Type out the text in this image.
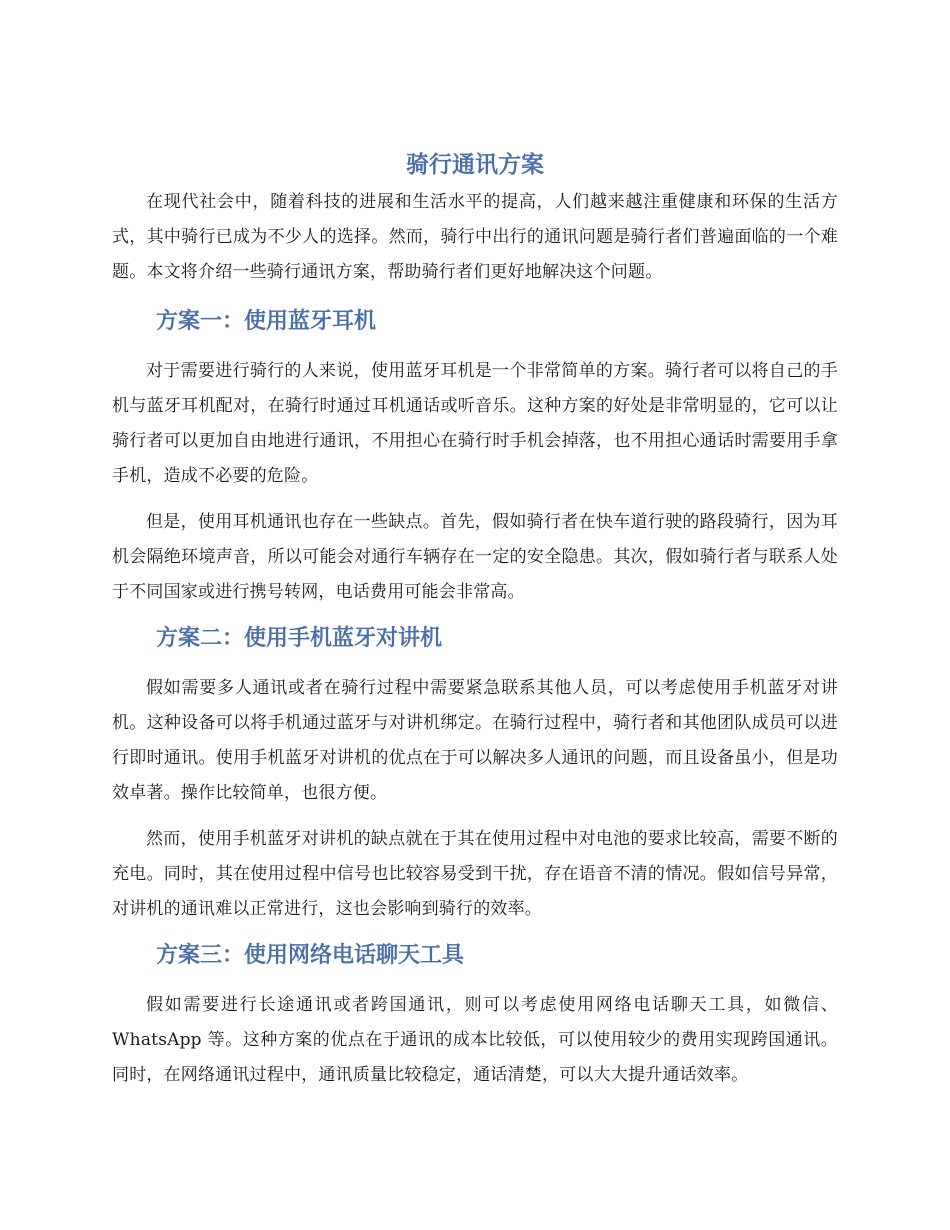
骑行通讯方案

在现代社会中，随着科技的进展和生活水平的提高，人们越来越注重健康和环保的生活方式，其中骑行已成为不少人的选择。然而，骑行中出行的通讯问题是骑行者们普遍面临的一个难题。本文将介绍一些骑行通讯方案，帮助骑行者们更好地解决这个问题。

方案一：使用蓝牙耳机

对于需要进行骑行的人来说，使用蓝牙耳机是一个非常简单的方案。骑行者可以将自己的手机与蓝牙耳机配对，在骑行时通过耳机通话或听音乐。这种方案的好处是非常明显的，它可以让骑行者可以更加自由地进行通讯，不用担心在骑行时手机会掉落，也不用担心通话时需要用手拿手机，造成不必要的危险。

但是，使用耳机通讯也存在一些缺点。首先，假如骑行者在快车道行驶的路段骑行，因为耳机会隔绝环境声音，所以可能会对通行车辆存在一定的安全隐患。其次，假如骑行者与联系人处于不同国家或进行携号转网，电话费用可能会非常高。

方案二：使用手机蓝牙对讲机

假如需要多人通讯或者在骑行过程中需要紧急联系其他人员，可以考虑使用手机蓝牙对讲机。这种设备可以将手机通过蓝牙与对讲机绑定。在骑行过程中，骑行者和其他团队成员可以进行即时通讯。使用手机蓝牙对讲机的优点在于可以解决多人通讯的问题，而且设备虽小，但是功效卓著。操作比较简单，也很方便。

然而，使用手机蓝牙对讲机的缺点就在于其在使用过程中对电池的要求比较高，需要不断的充电。同时，其在使用过程中信号也比较容易受到干扰，存在语音不清的情况。假如信号异常，对讲机的通讯难以正常进行，这也会影响到骑行的效率。

方案三：使用网络电话聊天工具

假如需要进行长途通讯或者跨国通讯，则可以考虑使用网络电话聊天工具，如微信、WhatsApp 等。这种方案的优点在于通讯的成本比较低，可以使用较少的费用实现跨国通讯。同时，在网络通讯过程中，通讯质量比较稳定，通话清楚，可以大大提升通话效率。
